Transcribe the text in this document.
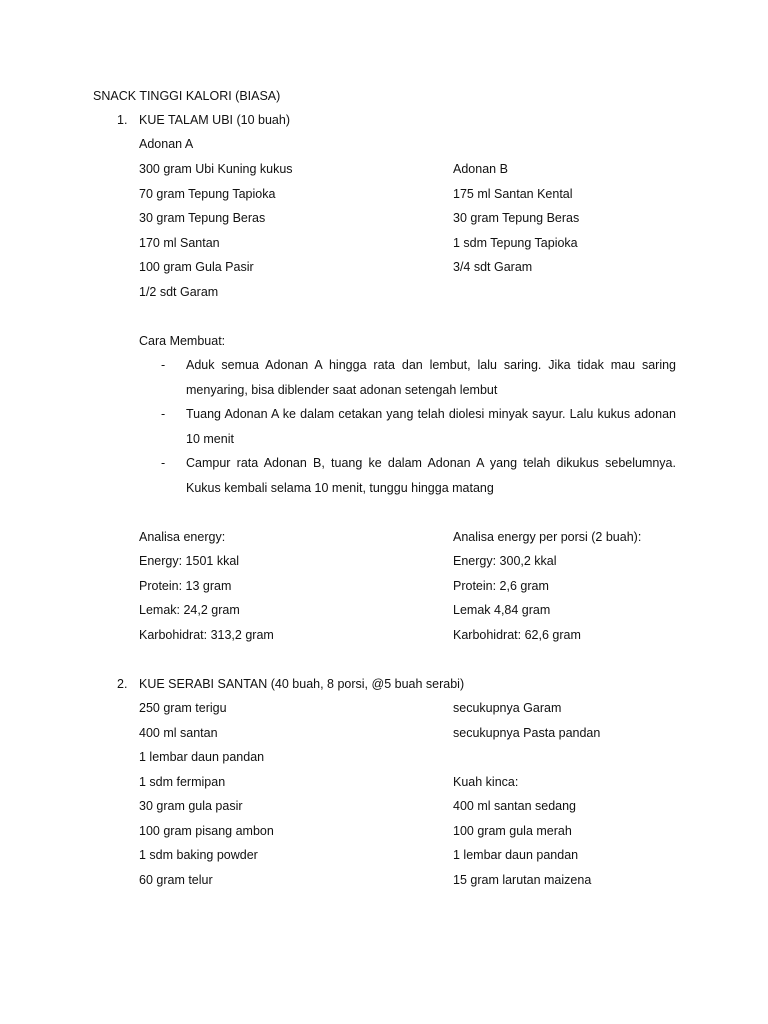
SNACK TINGGI KALORI (BIASA)
1. KUE TALAM UBI (10 buah)
Adonan A
300 gram Ubi Kuning kukus
70 gram Tepung Tapioka
30 gram Tepung Beras
170 ml Santan
100 gram Gula Pasir
1/2 sdt Garam
Adonan B
175 ml Santan Kental
30 gram Tepung Beras
1 sdm Tepung Tapioka
3/4 sdt Garam
Cara Membuat:
- Aduk semua Adonan A hingga rata dan lembut, lalu saring. Jika tidak mau saring menyaring, bisa diblender saat adonan setengah lembut
- Tuang Adonan A ke dalam cetakan yang telah diolesi minyak sayur. Lalu kukus adonan 10 menit
- Campur rata Adonan B, tuang ke dalam Adonan A yang telah dikukus sebelumnya. Kukus kembali selama 10 menit, tunggu hingga matang
Analisa energy:
Energy: 1501 kkal
Protein: 13 gram
Lemak: 24,2 gram
Karbohidrat: 313,2 gram
Analisa energy per porsi (2 buah):
Energy: 300,2 kkal
Protein: 2,6 gram
Lemak 4,84 gram
Karbohidrat: 62,6 gram
2. KUE SERABI SANTAN (40 buah, 8 porsi, @5 buah serabi)
250 gram terigu
400 ml santan
1 lembar daun pandan
1 sdm fermipan
30 gram gula pasir
100 gram pisang ambon
1 sdm baking powder
60 gram telur
secukupnya Garam
secukupnya Pasta pandan
Kuah kinca:
400 ml santan sedang
100 gram gula merah
1 lembar daun pandan
15 gram larutan maizena
